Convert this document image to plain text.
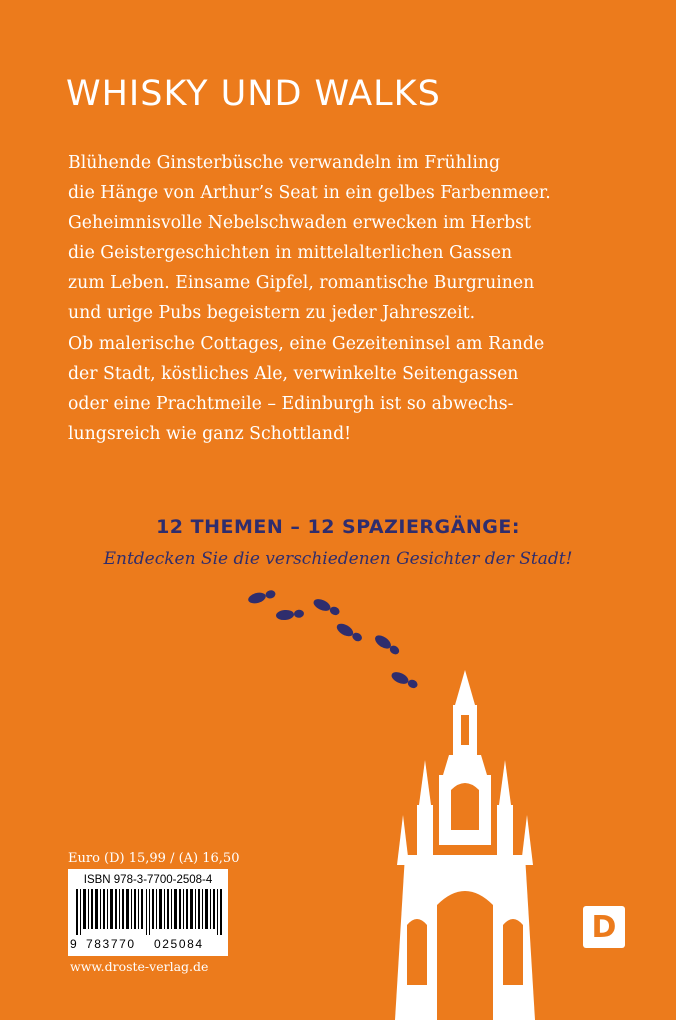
WHISKY UND WALKS
Blühende Ginsterbüsche verwandeln im Frühling
die Hänge von Arthur’s Seat in ein gelbes Farbenmeer.
Geheimnisvolle Nebelschwaden erwecken im Herbst
die Geistergeschichten in mittelalterlichen Gassen
zum Leben. Einsame Gipfel, romantische Burgruinen
und urige Pubs begeistern zu jeder Jahreszeit.
Ob malerische Cottages, eine Gezeiteninsel am Rande
der Stadt, köstliches Ale, verwinkelte Seitengassen
oder eine Prachtmeile – Edinburgh ist so abwechs-
lungsreich wie ganz Schottland!
12 THEMEN – 12 SPAZIERGÄNGE:
Entdecken Sie die verschiedenen Gesichter der Stadt!
Euro (D) 15,99 / (A) 16,50
ISBN 978-3-7700-2508-4
9 783770 025084
www.droste-verlag.de
D
